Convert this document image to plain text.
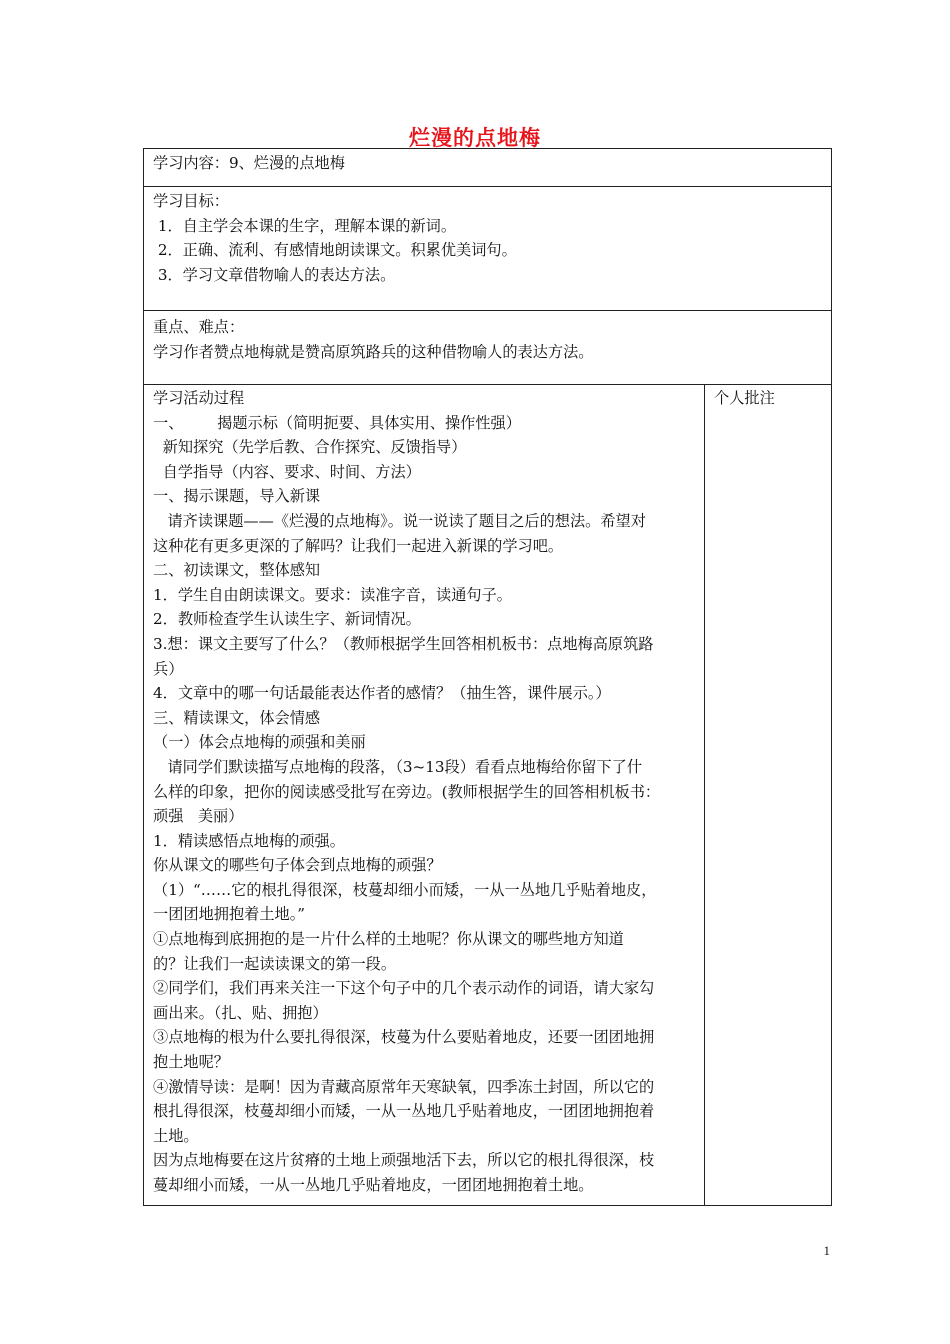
烂漫的点地梅

学习内容：9、烂漫的点地梅

学习目标：

1．自主学会本课的生字，理解本课的新词。

2．正确、流利、有感情地朗读课文。积累优美词句。

3．学习文章借物喻人的表达方法。

重点、难点：

学习作者赞点地梅就是赞高原筑路兵的这种借物喻人的表达方法。

学习活动过程

一、       揭题示标（简明扼要、具体实用、操作性强）

新知探究（先学后教、合作探究、反馈指导）

自学指导（内容、要求、时间、方法）

一、揭示课题，导入新课

请齐读课题——《烂漫的点地梅》。说一说读了题目之后的想法。希望对

这种花有更多更深的了解吗？让我们一起进入新课的学习吧。

二、初读课文，整体感知

1．学生自由朗读课文。要求：读准字音，读通句子。

2．教师检查学生认读生字、新词情况。

3.想：课文主要写了什么？（教师根据学生回答相机板书：点地梅高原筑路

兵）

4．文章中的哪一句话最能表达作者的感情？（抽生答，课件展示。）

三、精读课文，体会情感

（一）体会点地梅的顽强和美丽

请同学们默读描写点地梅的段落，（3~13段）看看点地梅给你留下了什

么样的印象，把你的阅读感受批写在旁边。(教师根据学生的回答相机板书：

顽强   美丽）

1．精读感悟点地梅的顽强。

你从课文的哪些句子体会到点地梅的顽强？

（1）“……它的根扎得很深，枝蔓却细小而矮，一从一丛地几乎贴着地皮，

一团团地拥抱着土地。”

①点地梅到底拥抱的是一片什么样的土地呢？你从课文的哪些地方知道

的？让我们一起读读课文的第一段。

②同学们，我们再来关注一下这个句子中的几个表示动作的词语，请大家勾

画出来。（扎、贴、拥抱）

③点地梅的根为什么要扎得很深，枝蔓为什么要贴着地皮，还要一团团地拥

抱土地呢？

④激情导读：是啊！因为青藏高原常年天寒缺氧，四季冻土封固，所以它的

根扎得很深，枝蔓却细小而矮，一从一丛地几乎贴着地皮，一团团地拥抱着

土地。

因为点地梅要在这片贫瘠的土地上顽强地活下去，所以它的根扎得很深，枝

蔓却细小而矮，一从一丛地几乎贴着地皮，一团团地拥抱着土地。

个人批注

1
